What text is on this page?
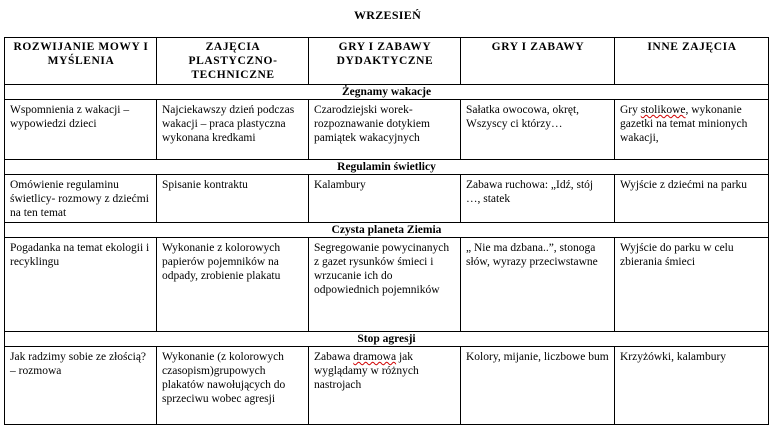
WRZESIEŃ
ROZWIJANIE MOWY I MYŚLENIA	ZAJĘCIA PLASTYCZNO-TECHNICZNE	GRY I ZABAWY DYDAKTYCZNE	GRY I ZABAWY	INNE ZAJĘCIA
Żegnamy wakacje				
Wspomnienia z wakacji – wypowiedzi dzieci	Najciekawszy dzień podczas wakacji – praca plastyczna wykonana kredkami	Czarodziejski worek- rozpoznawanie dotykiem pamiątek wakacyjnych	Sałatka owocowa, okręt, Wszyscy ci którzy…	Gry stolikowe, wykonanie gazetki na temat minionych wakacji,
Regulamin świetlicy				
Omówienie regulaminu świetlicy- rozmowy z dziećmi na ten temat	Spisanie kontraktu	Kalambury	Zabawa ruchowa: „Idź, stój …, statek	Wyjście z dziećmi na parku
Czysta planeta Ziemia				
Pogadanka na temat ekologii i recyklingu	Wykonanie z kolorowych papierów pojemników na odpady, zrobienie plakatu	Segregowanie powycinanych z gazet rysunków śmieci i wrzucanie ich do odpowiednich pojemników	„ Nie ma dzbana..”, stonoga słów, wyrazy przeciwstawne	Wyjście do parku w celu zbierania śmieci
Stop agresji				
Jak radzimy sobie ze złością? – rozmowa	Wykonanie (z kolorowych czasopism)grupowych plakatów nawołujących do sprzeciwu wobec agresji	Zabawa dramowa jak wyglądamy w różnych nastrojach	Kolory, mijanie, liczbowe bum	Krzyżówki, kalambury
